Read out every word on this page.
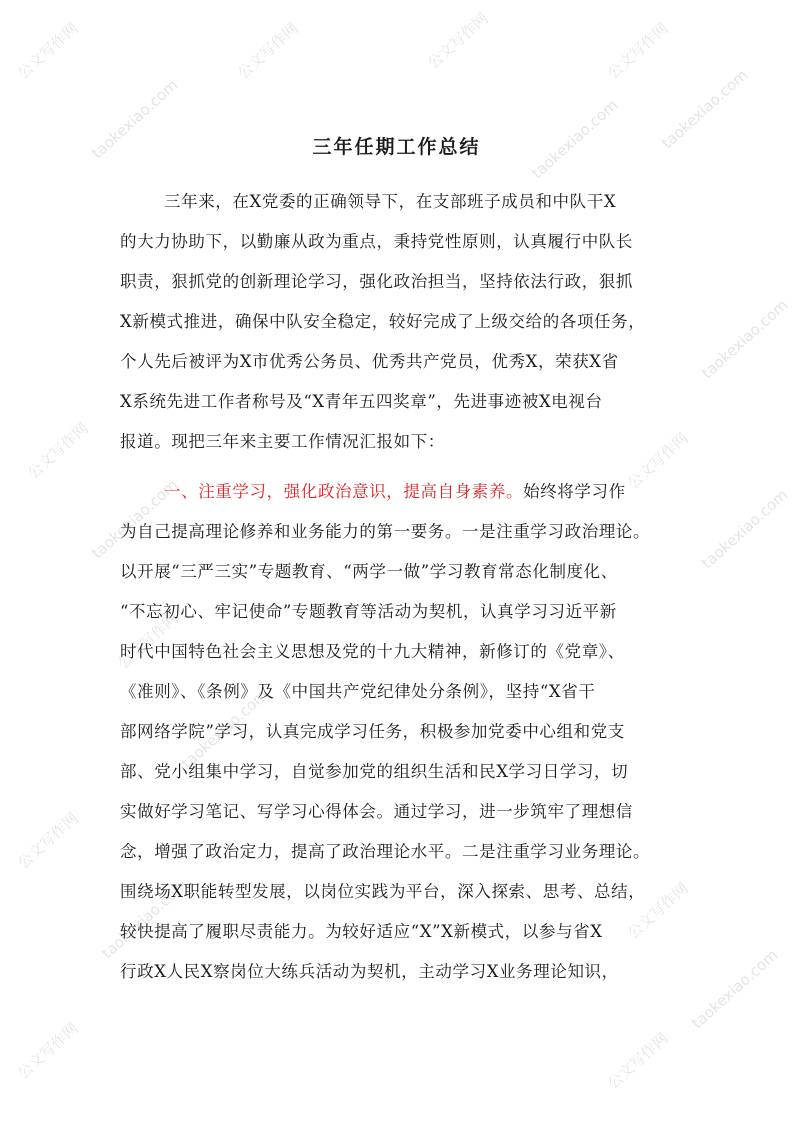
公文写作网	公文写作网	公文写作网	公文写作网
taokexiao.com	taokexiao.com taokexiao.com
taokexiao.com
公文写作网	公文写作网
taokexiao.com	taokexiao.com
公文写作网
taokexiao.com
公文写作网
taokexiao.com	公文写作网
taokexiao.com
公文写作网	公文写作网
三年任期工作总结
三年来，在X党委的正确领导下，在支部班子成员和中队干X
的大力协助下，以勤廉从政为重点，秉持党性原则，认真履行中队长
职责，狠抓党的创新理论学习，强化政治担当，坚持依法行政，狠抓
X新模式推进，确保中队安全稳定，较好完成了上级交给的各项任务，
个人先后被评为X市优秀公务员、优秀共产党员，优秀X，荣获X省
X系统先进工作者称号及“X青年五四奖章”，先进事迹被X电视台
报道。现把三年来主要工作情况汇报如下：
一、注重学习，强化政治意识，提高自身素养。始终将学习作
为自己提高理论修养和业务能力的第一要务。一是注重学习政治理论。
以开展“三严三实”专题教育、“两学一做”学习教育常态化制度化、
“不忘初心、牢记使命”专题教育等活动为契机，认真学习习近平新
时代中国特色社会主义思想及党的十九大精神，新修订的《党章》、
《准则》、《条例》及《中国共产党纪律处分条例》，坚持“X省干
部网络学院”学习，认真完成学习任务，积极参加党委中心组和党支
部、党小组集中学习，自觉参加党的组织生活和民X学习日学习，切
实做好学习笔记、写学习心得体会。通过学习，进一步筑牢了理想信
念，增强了政治定力，提高了政治理论水平。二是注重学习业务理论。
围绕场X职能转型发展，以岗位实践为平台，深入探索、思考、总结，
较快提高了履职尽责能力。为较好适应“X”X新模式，以参与省X
行政X人民X察岗位大练兵活动为契机，主动学习X业务理论知识，
